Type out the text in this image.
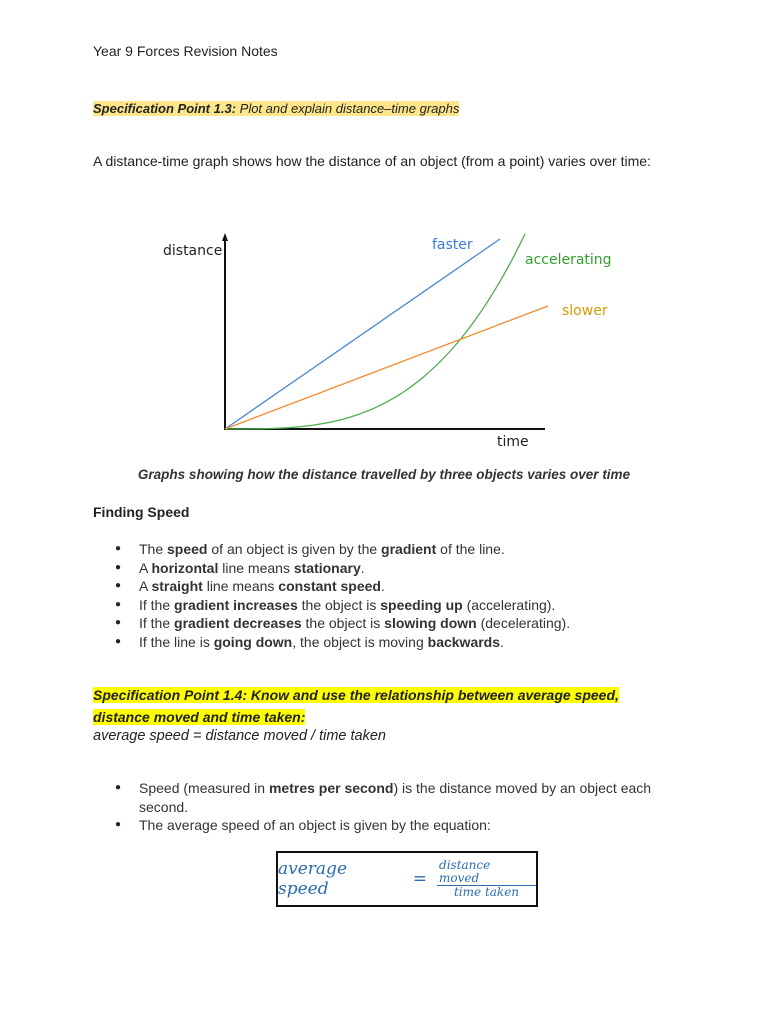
Year 9 Forces Revision Notes
Specification Point 1.3: Plot and explain distance–time graphs
A distance-time graph shows how the distance of an object (from a point) varies over time:
distance
time
faster
accelerating
slower
Graphs showing how the distance travelled by three objects varies over time
Finding Speed
● The speed of an object is given by the gradient of the line.
● A horizontal line means stationary.
● A straight line means constant speed.
● If the gradient increases the object is speeding up (accelerating).
● If the gradient decreases the object is slowing down (decelerating).
● If the line is going down, the object is moving backwards.
Specification Point 1.4: Know and use the relationship between average speed, distance moved and time taken:
average speed = distance moved / time taken
● Speed (measured in metres per second) is the distance moved by an object each second.
● The average speed of an object is given by the equation:
average speed	= $\frac{\text{distance moved}}{\text{time taken}}$
